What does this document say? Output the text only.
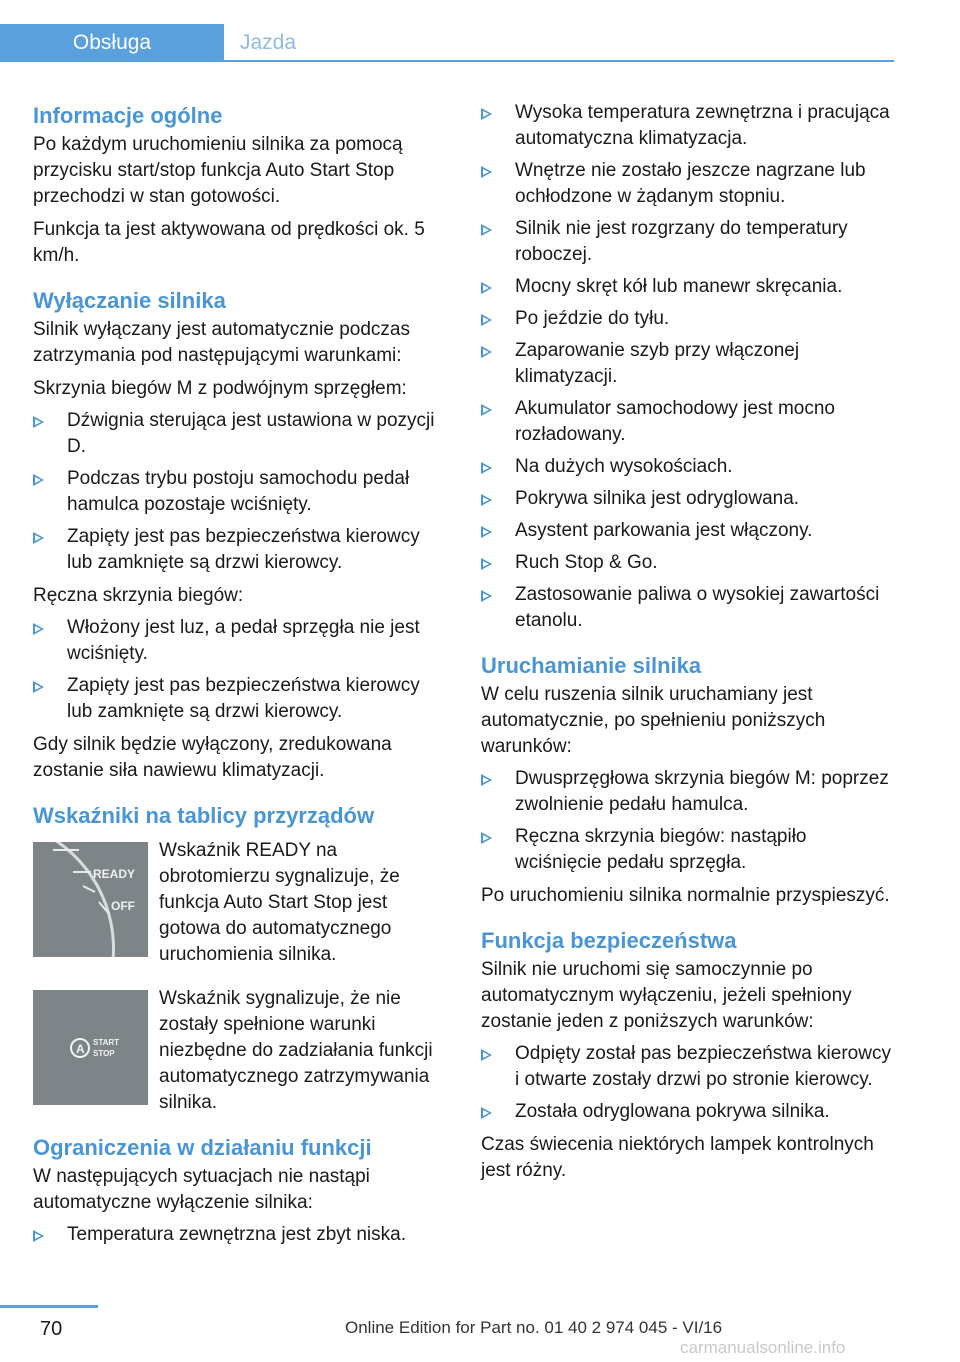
Obsługa	Jazda
Informacje ogólne

Po każdym uruchomieniu silnika za pomocą przycisku start/stop funkcja Auto Start Stop przechodzi w stan gotowości.

Funkcja ta jest aktywowana od prędkości ok. 5 km/h.

Wyłączanie silnika

Silnik wyłączany jest automatycznie podczas zatrzymania pod następującymi warunkami:

Skrzynia biegów M z podwójnym sprzęgłem:

Dźwignia sterująca jest ustawiona w pozycji D.
Podczas trybu postoju samochodu pedał hamulca pozostaje wciśnięty.
Zapięty jest pas bezpieczeństwa kierowcy lub zamknięte są drzwi kierowcy.

Ręczna skrzynia biegów:

Włożony jest luz, a pedał sprzęgła nie jest wciśnięty.
Zapięty jest pas bezpieczeństwa kierowcy lub zamknięte są drzwi kierowcy.

Gdy silnik będzie wyłączony, zredukowana zostanie siła nawiewu klimatyzacji.

Wskaźniki na tablicy przyrządów
READY
OFF

Wskaźnik READY na obrotomierzu sygnalizuje, że funkcja Auto Start Stop jest gotowa do automatycznego uruchomienia silnika.

A START
STOP

Wskaźnik sygnalizuje, że nie zostały spełnione warunki niezbędne do zadziałania funkcji automatycznego zatrzymywania silnika.

Ograniczenia w działaniu funkcji

W następujących sytuacjach nie nastąpi automatyczne wyłączenie silnika:

Temperatura zewnętrzna jest zbyt niska.
Wysoka temperatura zewnętrzna i pracująca automatyczna klimatyzacja.
Wnętrze nie zostało jeszcze nagrzane lub ochłodzone w żądanym stopniu.
Silnik nie jest rozgrzany do temperatury roboczej.
Mocny skręt kół lub manewr skręcania.
Po jeździe do tyłu.
Zaparowanie szyb przy włączonej klimatyzacji.
Akumulator samochodowy jest mocno rozładowany.
Na dużych wysokościach.
Pokrywa silnika jest odryglowana.
Asystent parkowania jest włączony.
Ruch Stop & Go.
Zastosowanie paliwa o wysokiej zawartości etanolu.
Uruchamianie silnika

W celu ruszenia silnik uruchamiany jest automatycznie, po spełnieniu poniższych warunków:

Dwusprzęgłowa skrzynia biegów M: poprzez zwolnienie pedału hamulca.
Ręczna skrzynia biegów: nastąpiło wciśnięcie pedału sprzęgła.

Po uruchomieniu silnika normalnie przyspieszyć.

Funkcja bezpieczeństwa

Silnik nie uruchomi się samoczynnie po automatycznym wyłączeniu, jeżeli spełniony zostanie jeden z poniższych warunków:

Odpięty został pas bezpieczeństwa kierowcy i otwarte zostały drzwi po stronie kierowcy.
Została odryglowana pokrywa silnika.

Czas świecenia niektórych lampek kontrolnych jest różny.

70	Online Edition for Part no. 01 40 2 974 045 - VI/16
carmanualsonline.info
